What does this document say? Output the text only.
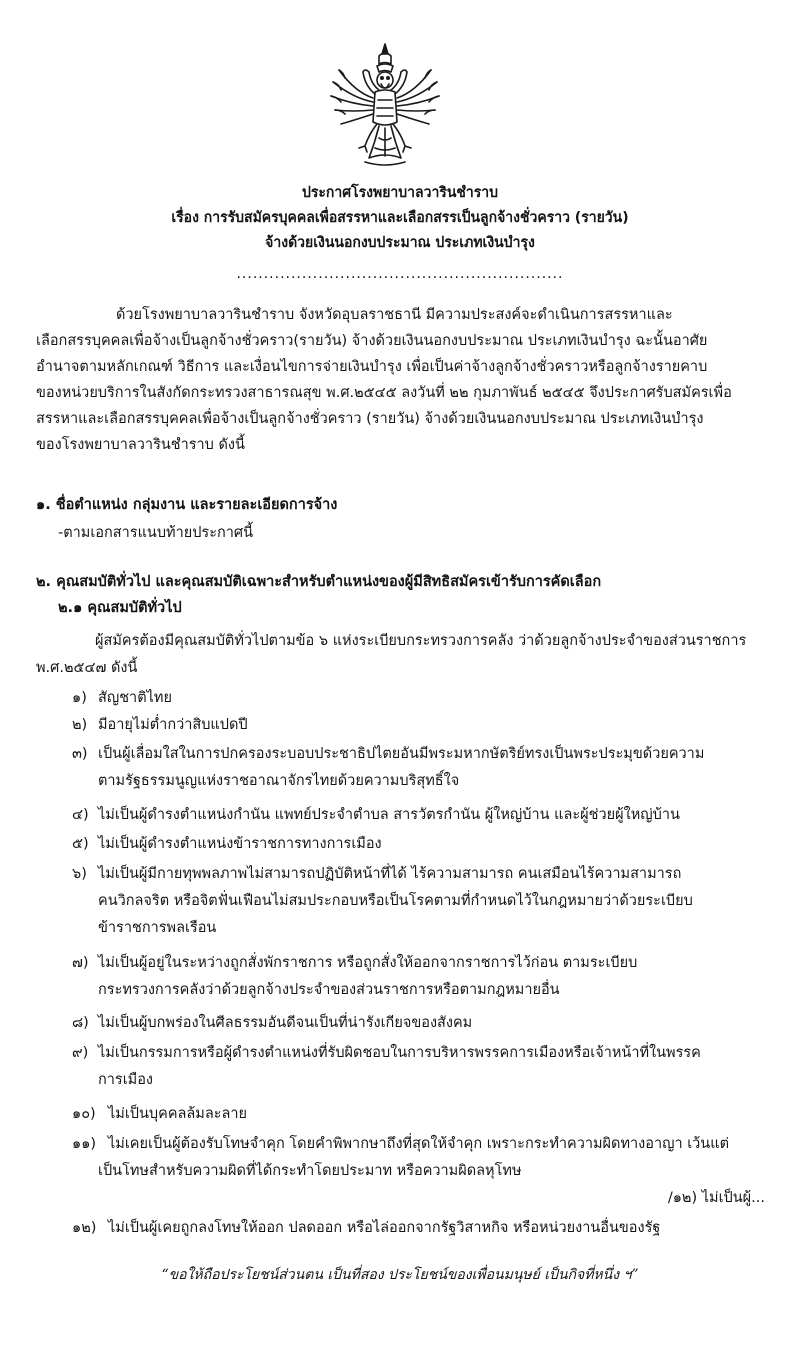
ประกาศโรงพยาบาลวารินชำราบ
เรื่อง การรับสมัครบุคคลเพื่อสรรหาและเลือกสรรเป็นลูกจ้างชั่วคราว (รายวัน)
จ้างด้วยเงินนอกงบประมาณ ประเภทเงินบำรุง
............................................................
ด้วยโรงพยาบาลวารินชำราบ จังหวัดอุบลราชธานี มีความประสงค์จะดำเนินการสรรหาและ
เลือกสรรบุคคลเพื่อจ้างเป็นลูกจ้างชั่วคราว(รายวัน) จ้างด้วยเงินนอกงบประมาณ ประเภทเงินบำรุง ฉะนั้นอาศัย
อำนาจตามหลักเกณฑ์ วิธีการ และเงื่อนไขการจ่ายเงินบำรุง เพื่อเป็นค่าจ้างลูกจ้างชั่วคราวหรือลูกจ้างรายคาบ
ของหน่วยบริการในสังกัดกระทรวงสาธารณสุข พ.ศ.๒๕๔๕ ลงวันที่ ๒๒ กุมภาพันธ์ ๒๕๔๕ จึงประกาศรับสมัครเพื่อ
สรรหาและเลือกสรรบุคคลเพื่อจ้างเป็นลูกจ้างชั่วคราว (รายวัน) จ้างด้วยเงินนอกงบประมาณ ประเภทเงินบำรุง
ของโรงพยาบาลวารินชำราบ ดังนี้
๑. ชื่อตำแหน่ง กลุ่มงาน และรายละเอียดการจ้าง
-ตามเอกสารแนบท้ายประกาศนี้
๒. คุณสมบัติทั่วไป และคุณสมบัติเฉพาะสำหรับตำแหน่งของผู้มีสิทธิสมัครเข้ารับการคัดเลือก
๒.๑ คุณสมบัติทั่วไป
ผู้สมัครต้องมีคุณสมบัติทั่วไปตามข้อ ๖ แห่งระเบียบกระทรวงการคลัง ว่าด้วยลูกจ้างประจำของส่วนราชการ
พ.ศ.๒๕๔๗ ดังนี้
๑) สัญชาติไทย
๒) มีอายุไม่ต่ำกว่าสิบแปดปี
๓) เป็นผู้เลื่อมใสในการปกครองระบอบประชาธิปไตยอันมีพระมหากษัตริย์ทรงเป็นพระประมุขด้วยความ
ตามรัฐธรรมนูญแห่งราชอาณาจักรไทยด้วยความบริสุทธิ์ใจ
๔) ไม่เป็นผู้ดำรงตำแหน่งกำนัน แพทย์ประจำตำบล สารวัตรกำนัน ผู้ใหญ่บ้าน และผู้ช่วยผู้ใหญ่บ้าน
๕) ไม่เป็นผู้ดำรงตำแหน่งข้าราชการทางการเมือง
๖) ไม่เป็นผู้มีกายทุพพลภาพไม่สามารถปฏิบัติหน้าที่ได้ ไร้ความสามารถ คนเสมือนไร้ความสามารถ
คนวิกลจริต หรือจิตฟั่นเฟือนไม่สมประกอบหรือเป็นโรคตามที่กำหนดไว้ในกฎหมายว่าด้วยระเบียบ
ข้าราชการพลเรือน
๗) ไม่เป็นผู้อยู่ในระหว่างถูกสั่งพักราชการ หรือถูกสั่งให้ออกจากราชการไว้ก่อน ตามระเบียบ
กระทรวงการคลังว่าด้วยลูกจ้างประจำของส่วนราชการหรือตามกฎหมายอื่น
๘) ไม่เป็นผู้บกพร่องในศีลธรรมอันดีจนเป็นที่น่ารังเกียจของสังคม
๙) ไม่เป็นกรรมการหรือผู้ดำรงตำแหน่งที่รับผิดชอบในการบริหารพรรคการเมืองหรือเจ้าหน้าที่ในพรรค
การเมือง
๑๐) ไม่เป็นบุคคลล้มละลาย
๑๑) ไม่เคยเป็นผู้ต้องรับโทษจำคุก โดยคำพิพากษาถึงที่สุดให้จำคุก เพราะกระทำความผิดทางอาญา เว้นแต่
เป็นโทษสำหรับความผิดที่ได้กระทำโดยประมาท หรือความผิดลหุโทษ
/๑๒) ไม่เป็นผู้...
๑๒) ไม่เป็นผู้เคยถูกลงโทษให้ออก ปลดออก หรือไล่ออกจากรัฐวิสาหกิจ หรือหน่วยงานอื่นของรัฐ
“ขอให้ถือประโยชน์ส่วนตน เป็นที่สอง ประโยชน์ของเพื่อนมนุษย์ เป็นกิจที่หนึ่ง ฯ”
